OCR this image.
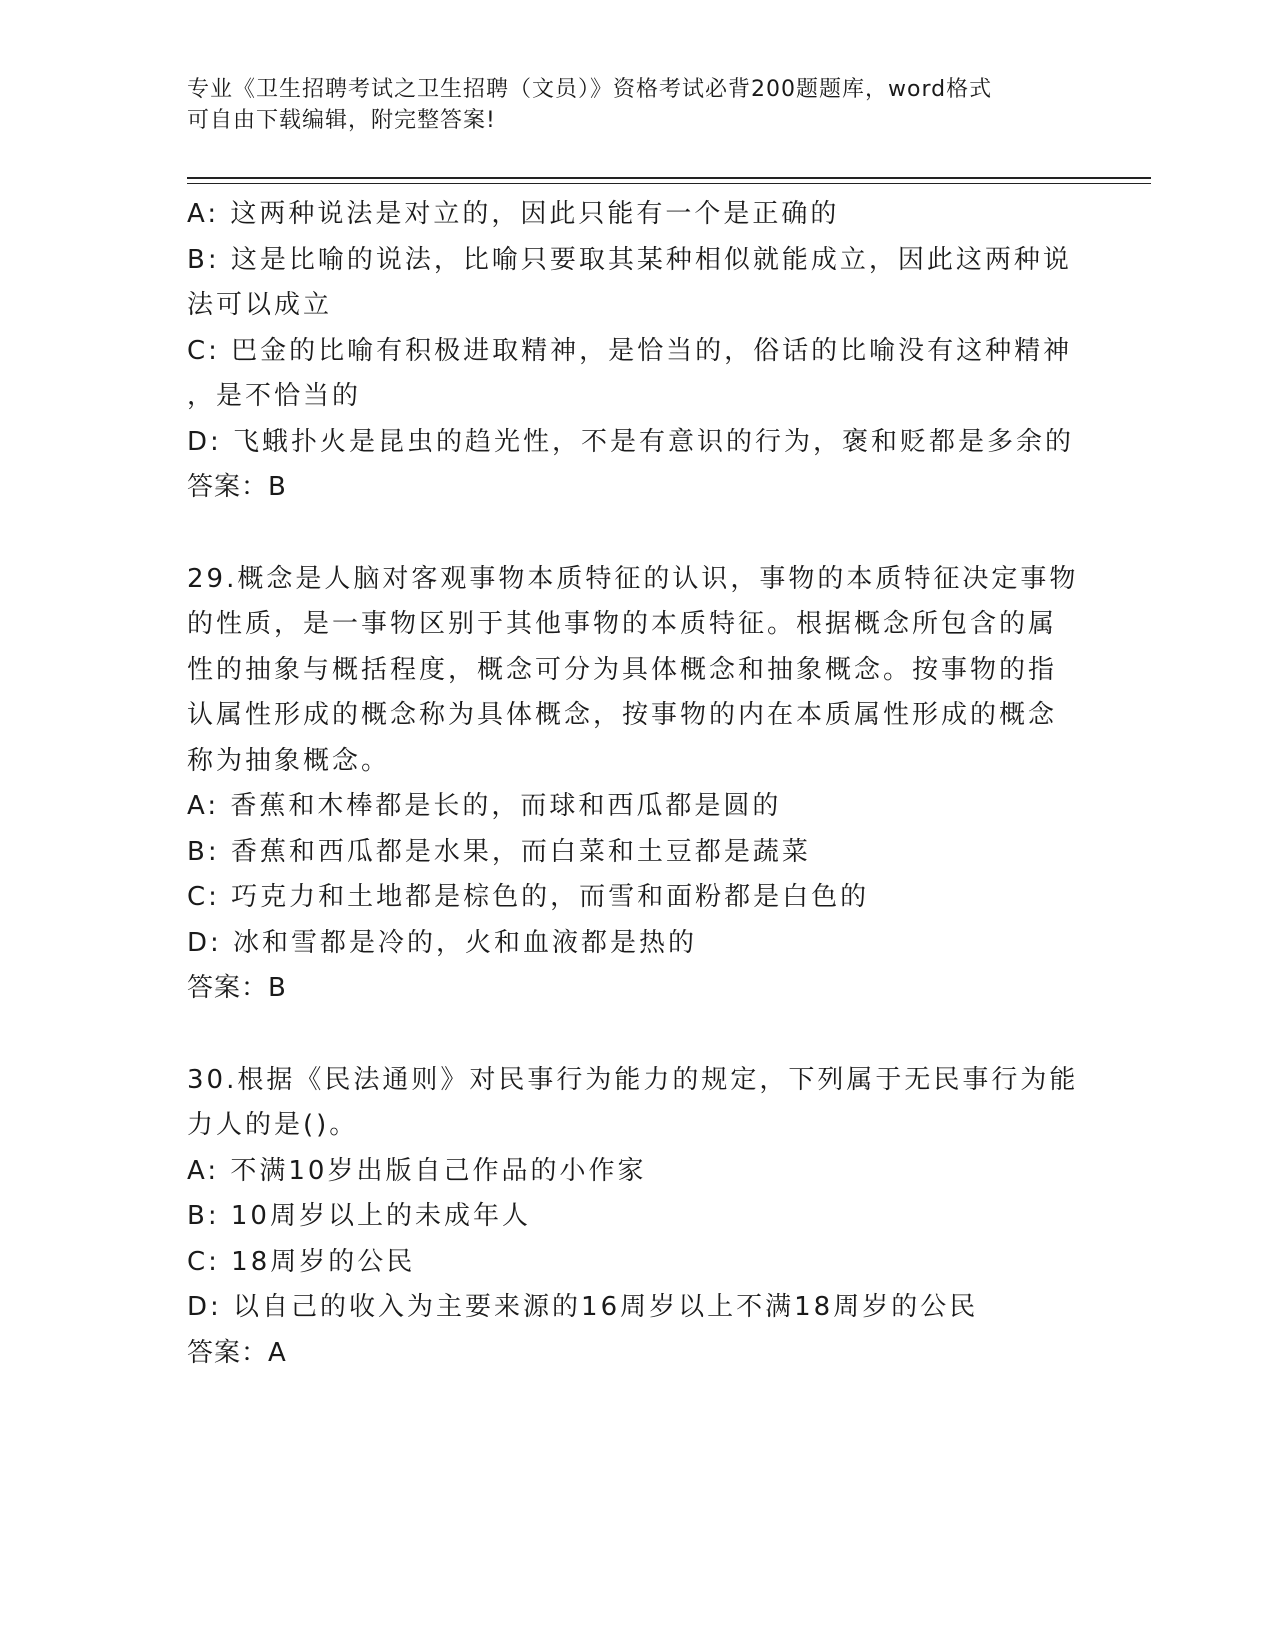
专业《卫生招聘考试之卫生招聘（文员）》资格考试必背200题题库，word格式
可自由下载编辑，附完整答案!
A: 这两种说法是对立的，因此只能有一个是正确的
B: 这是比喻的说法，比喻只要取其某种相似就能成立，因此这两种说
法可以成立
C: 巴金的比喻有积极进取精神，是恰当的，俗话的比喻没有这种精神
，是不恰当的
D: 飞蛾扑火是昆虫的趋光性，不是有意识的行为，褒和贬都是多余的
答案：B
29.概念是人脑对客观事物本质特征的认识，事物的本质特征决定事物
的性质，是一事物区别于其他事物的本质特征。根据概念所包含的属
性的抽象与概括程度，概念可分为具体概念和抽象概念。按事物的指
认属性形成的概念称为具体概念，按事物的内在本质属性形成的概念
称为抽象概念。
A: 香蕉和木棒都是长的，而球和西瓜都是圆的
B: 香蕉和西瓜都是水果，而白菜和土豆都是蔬菜
C: 巧克力和土地都是棕色的，而雪和面粉都是白色的
D: 冰和雪都是冷的，火和血液都是热的
答案：B
30.根据《民法通则》对民事行为能力的规定，下列属于无民事行为能
力人的是()。
A: 不满10岁出版自己作品的小作家
B: 10周岁以上的未成年人
C: 18周岁的公民
D: 以自己的收入为主要来源的16周岁以上不满18周岁的公民
答案：A
